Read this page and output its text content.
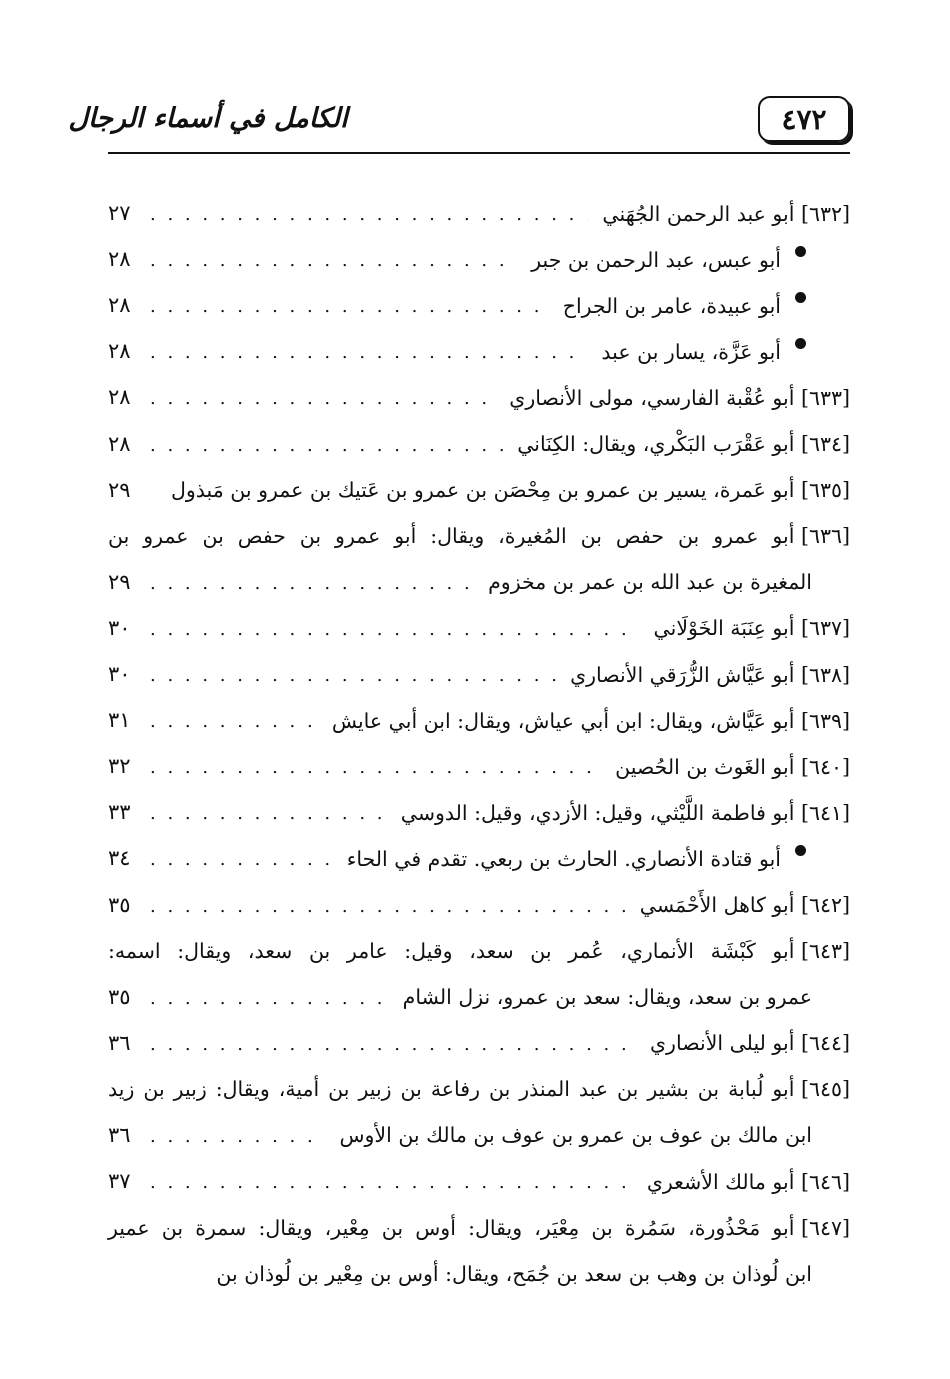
٤٧٢
الكامل في أسماء الرجال
[٦٣٢]

أبو عبد الرحمن الجُهَني
. . .
٢٧
أبو عبس، عبد الرحمن بن جبر
. . .
٢٨
أبو عبيدة، عامر بن الجراح
. . .
٢٨
أبو عَزَّة، يسار بن عبد
. . .
٢٨
[٦٣٣]

أبو عُقْبة الفارسي، مولى الأنصاري
. . .
٢٨
[٦٣٤]

أبو عَقْرَب البَكْري، ويقال: الكِنَاني
. . .
٢٨
[٦٣٥]

أبو عَمرة، يسير بن عمرو بن مِحْصَن بن عمرو بن عَتيك بن عمرو بن مَبذول
٢٩
[٦٣٦]

أبو عمرو بن حفص بن المُغيرة، ويقال: أبو عمرو بن حفص بن عمرو بن
المغيرة بن عبد الله بن عمر بن مخزوم
. . .
٢٩
[٦٣٧]

أبو عِنَبَة الخَوْلَاني
. . .
٣٠
[٦٣٨]

أبو عَيَّاش الزُّرَقي الأنصاري
. . .
٣٠
[٦٣٩]

أبو عَيَّاش، ويقال: ابن أبي عياش، ويقال: ابن أبي عايش
. . .
٣١
[٦٤٠]

أبو الغَوث بن الحُصين
. . .
٣٢
[٦٤١]

أبو فاطمة اللَّيْثي، وقيل: الأزدي، وقيل: الدوسي
. . .
٣٣
أبو قتادة الأنصاري. الحارث بن ربعي. تقدم في الحاء
. . .
٣٤
[٦٤٢]

أبو كاهل الأَحْمَسي
. . .
٣٥
[٦٤٣]

أبو كَبْشَة الأنماري، عُمر بن سعد، وقيل: عامر بن سعد، ويقال: اسمه:
عمرو بن سعد، ويقال: سعد بن عمرو، نزل الشام
. . .
٣٥
[٦٤٤]

أبو ليلى الأنصاري
. . .
٣٦
[٦٤٥]

أبو لُبابة بن بشير بن عبد المنذر بن رفاعة بن زبير بن أمية، ويقال: زبير بن زيد
ابن مالك بن عوف بن عمرو بن عوف بن مالك بن الأوس
. . .
٣٦
[٦٤٦]

أبو مالك الأشعري
. . .
٣٧
[٦٤٧]

أبو مَحْذُورة، سَمُرة بن مِعْيَر، ويقال: أوس بن مِعْير، ويقال: سمرة بن عمير
ابن لُوذان بن وهب بن سعد بن جُمَح، ويقال: أوس بن مِعْير بن لُوذان بن
